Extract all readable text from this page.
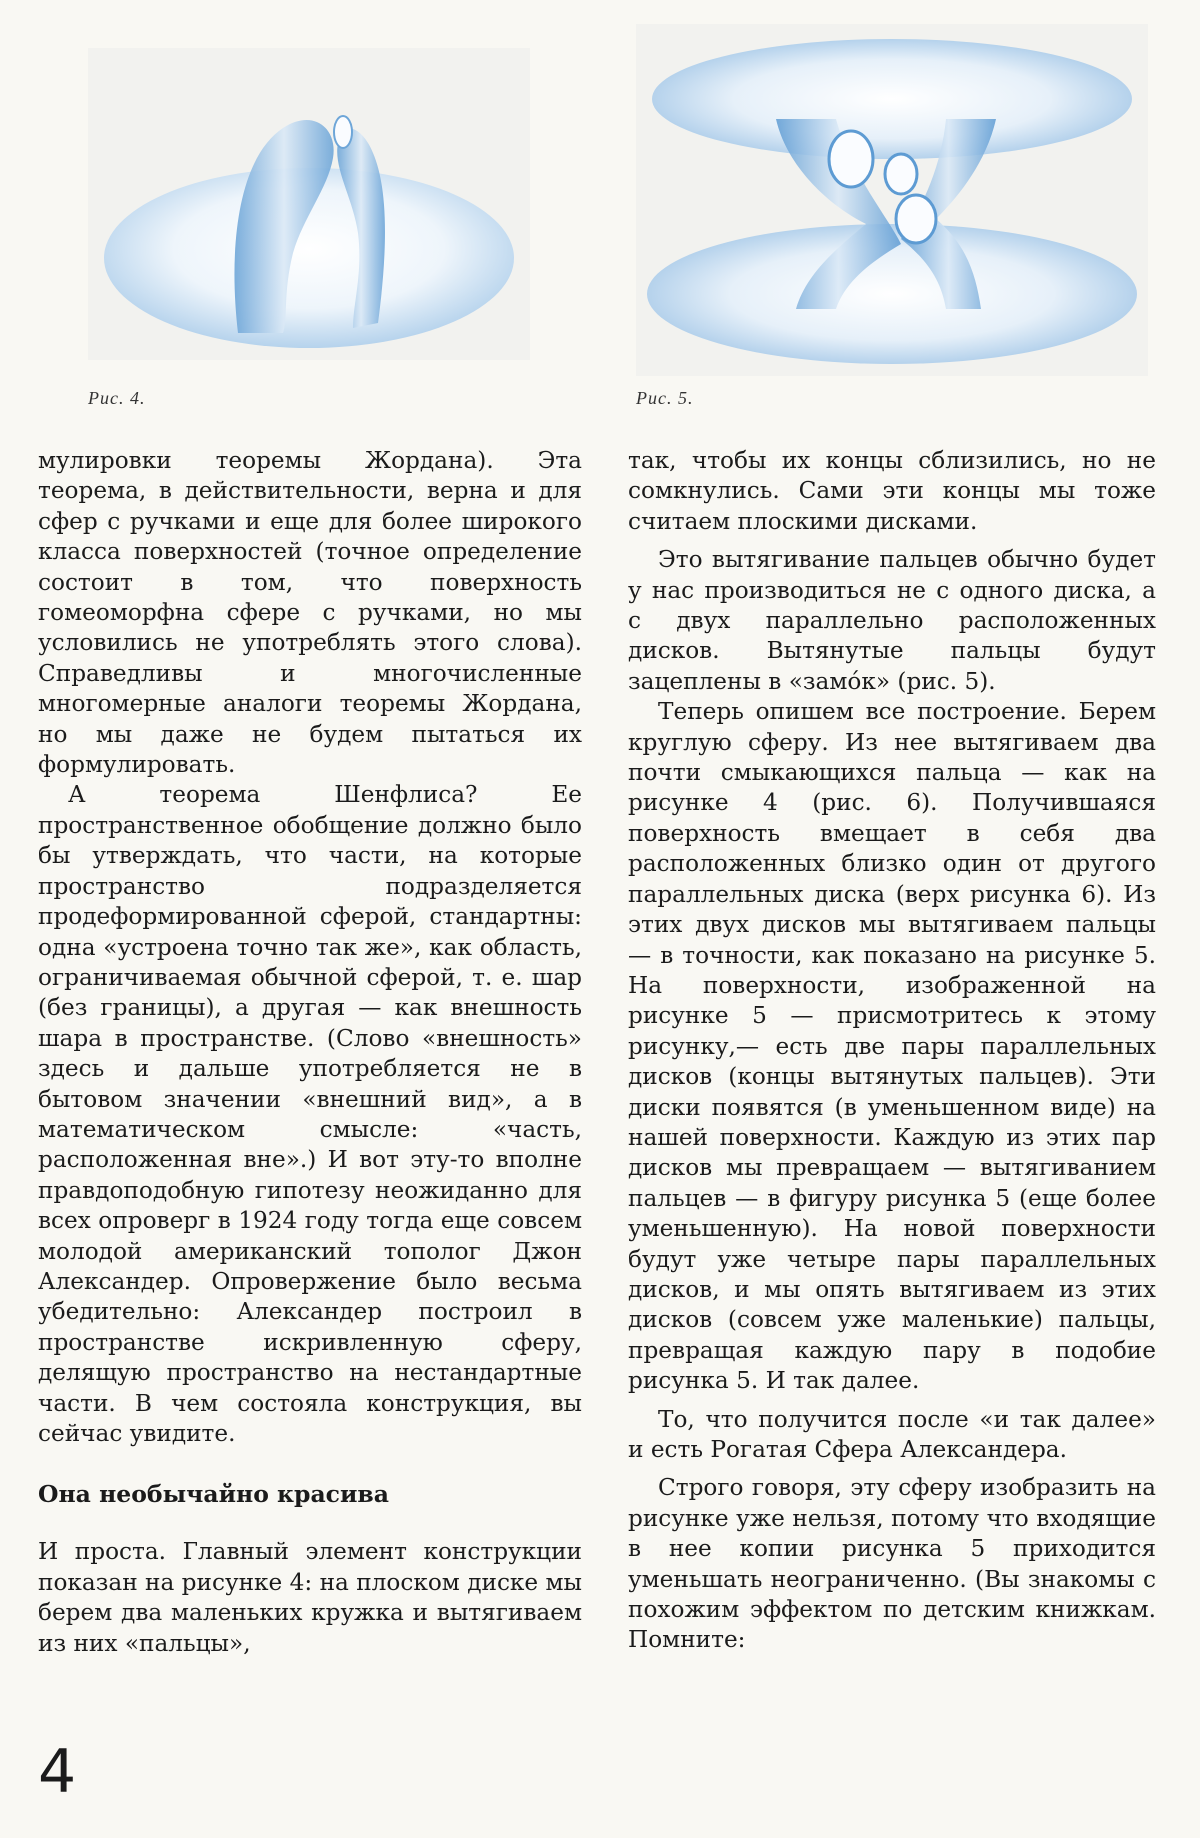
Рис. 4.	Рис. 5.

мулировки теоремы Жордана). Эта теорема, в действительности, верна и для сфер с ручками и еще для более широкого класса поверхностей (точное определение состоит в том, что поверхность гомеоморфна сфере с ручками, но мы условились не употреблять этого слова). Справедливы и многочисленные многомерные аналоги теоремы Жордана, но мы даже не будем пытаться их формулировать.

А теорема Шенфлиса? Ее пространственное обобщение должно было бы утверждать, что части, на которые пространство подразделяется продеформированной сферой, стандартны: одна «устроена точно так же», как область, ограничиваемая обычной сферой, т. е. шар (без границы), а другая — как внешность шара в пространстве. (Слово «внешность» здесь и дальше употребляется не в бытовом значении «внешний вид», а в математическом смысле: «часть, расположенная вне».) И вот эту-то вполне правдоподобную гипотезу неожиданно для всех опроверг в 1924 году тогда еще совсем молодой американский тополог Джон Александер. Опровержение было весьма убедительно: Александер построил в пространстве искривленную сферу, делящую пространство на нестандартные части. В чем состояла конструкция, вы сейчас увидите.

Она необычайно красива

И проста. Главный элемент конструкции показан на рисунке 4: на плоском диске мы берем два маленьких кружка и вытягиваем из них «пальцы»,

так, чтобы их концы сблизились, но не сомкнулись. Сами эти концы мы тоже считаем плоскими дисками.

Это вытягивание пальцев обычно будет у нас производиться не с одного диска, а с двух параллельно расположенных дисков. Вытянутые пальцы будут зацеплены в «замóк» (рис. 5).

Теперь опишем все построение. Берем круглую сферу. Из нее вытягиваем два почти смыкающихся пальца — как на рисунке 4 (рис. 6). Получившаяся поверхность вмещает в себя два расположенных близко один от другого параллельных диска (верх рисунка 6). Из этих двух дисков мы вытягиваем пальцы — в точности, как показано на рисунке 5. На поверхности, изображенной на рисунке 5 — присмотритесь к этому рисунку,— есть две пары параллельных дисков (концы вытянутых пальцев). Эти диски появятся (в уменьшенном виде) на нашей поверхности. Каждую из этих пар дисков мы превращаем — вытягиванием пальцев — в фигуру рисунка 5 (еще более уменьшенную). На новой поверхности будут уже четыре пары параллельных дисков, и мы опять вытягиваем из этих дисков (совсем уже маленькие) пальцы, превращая каждую пару в подобие рисунка 5. И так далее.

То, что получится после «и так далее» и есть Рогатая Сфера Александера.

Строго говоря, эту сферу изобразить на рисунке уже нельзя, потому что входящие в нее копии рисунка 5 приходится уменьшать неограниченно. (Вы знакомы с похожим эффектом по детским книжкам. Помните:

4
